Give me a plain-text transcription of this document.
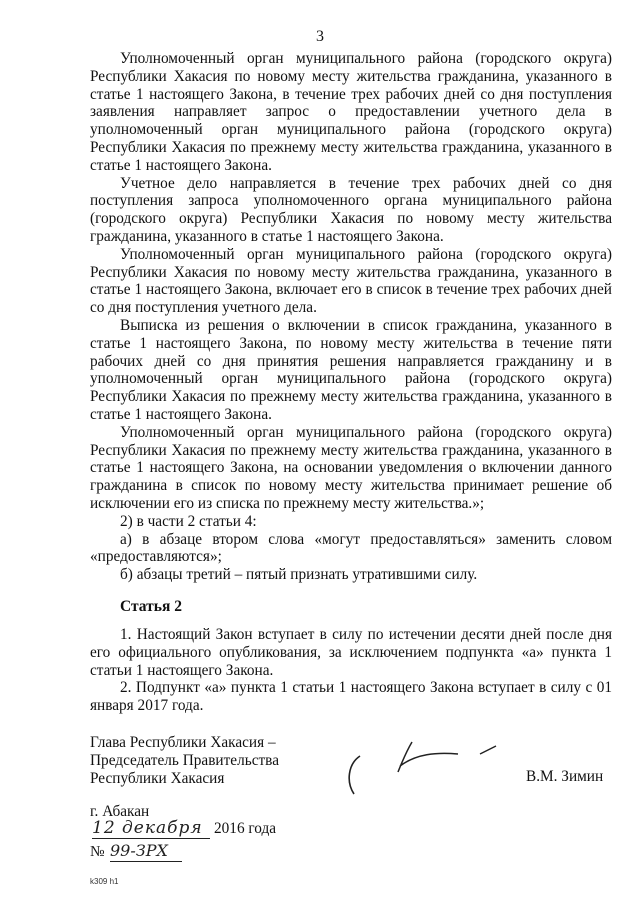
3

Уполномоченный орган муниципального района (городского округа) Республики Хакасия по новому месту жительства гражданина, указанного в статье 1 настоящего Закона, в течение трех рабочих дней со дня поступления заявления направляет запрос о предоставлении учетного дела в уполномоченный орган муниципального района (городского округа) Республики Хакасия по прежнему месту жительства гражданина, указанного в статье 1 настоящего Закона.

Учетное дело направляется в течение трех рабочих дней со дня поступления запроса уполномоченного органа муниципального района (городского округа) Республики Хакасия по новому месту жительства гражданина, указанного в статье 1 настоящего Закона.

Уполномоченный орган муниципального района (городского округа) Республики Хакасия по новому месту жительства гражданина, указанного в статье 1 настоящего Закона, включает его в список в течение трех рабочих дней со дня поступления учетного дела.

Выписка из решения о включении в список гражданина, указанного в статье 1 настоящего Закона, по новому месту жительства в течение пяти рабочих дней со дня принятия решения направляется гражданину и в уполномоченный орган муниципального района (городского округа) Республики Хакасия по прежнему месту жительства гражданина, указанного в статье 1 настоящего Закона.

Уполномоченный орган муниципального района (городского округа) Республики Хакасия по прежнему месту жительства гражданина, указанного в статье 1 настоящего Закона, на основании уведомления о включении данного гражданина в список по новому месту жительства принимает решение об исключении его из списка по прежнему месту жительства.»;

2) в части 2 статьи 4:

а) в абзаце втором слова «могут предоставляться» заменить словом «предоставляются»;

б) абзацы третий – пятый признать утратившими силу.

Статья 2

1. Настоящий Закон вступает в силу по истечении десяти дней после дня его официального опубликования, за исключением подпункта «а» пункта 1 статьи 1 настоящего Закона.

2. Подпункт «а» пункта 1 статьи 1 настоящего Закона вступает в силу с 01 января 2017 года.

Глава Республики Хакасия –
Председатель Правительства
Республики Хакасия	В.М. Зимин
г. Абакан
12 декабря 2016 года
№ 99-ЗРХ
k309 h1
